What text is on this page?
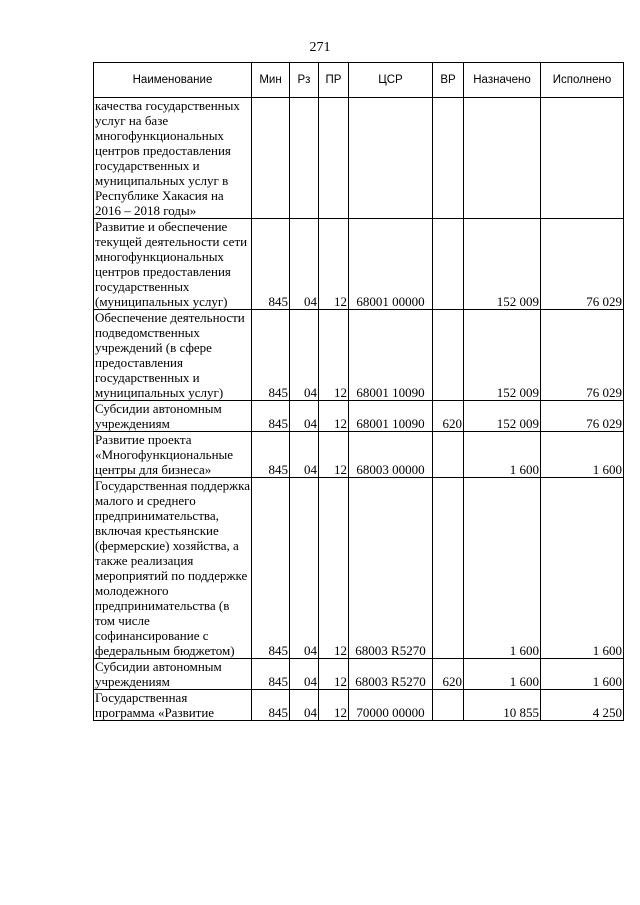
271
Наименование	Мин	Рз	ПР	ЦСР	ВР	Назначено	Исполнено
качества государственных услуг на базе многофункциональных центров предоставления государственных и муниципальных услуг в Республике Хакасия на 2016 – 2018 годы»							
Развитие и обеспечение текущей деятельности сети многофункциональных центров предоставления государственных (муниципальных услуг)	845	04	12	68001 00000		152 009	76 029
Обеспечение деятельности подведомственных учреждений (в сфере предоставления государственных и муниципальных услуг)	845	04	12	68001 10090		152 009	76 029
Субсидии автономным учреждениям	845	04	12	68001 10090	620	152 009	76 029
Развитие проекта «Многофункциональные центры для бизнеса»	845	04	12	68003 00000		1 600	1 600
Государственная поддержка малого и среднего предпринимательства, включая крестьянские (фермерские) хозяйства, а также реализация мероприятий по поддержке молодежного предпринимательства (в том числе софинансирование с федеральным бюджетом)	845	04	12	68003 R5270		1 600	1 600
Субсидии автономным учреждениям	845	04	12	68003 R5270	620	1 600	1 600
Государственная программа «Развитие	845	04	12	70000 00000		10 855	4 250
